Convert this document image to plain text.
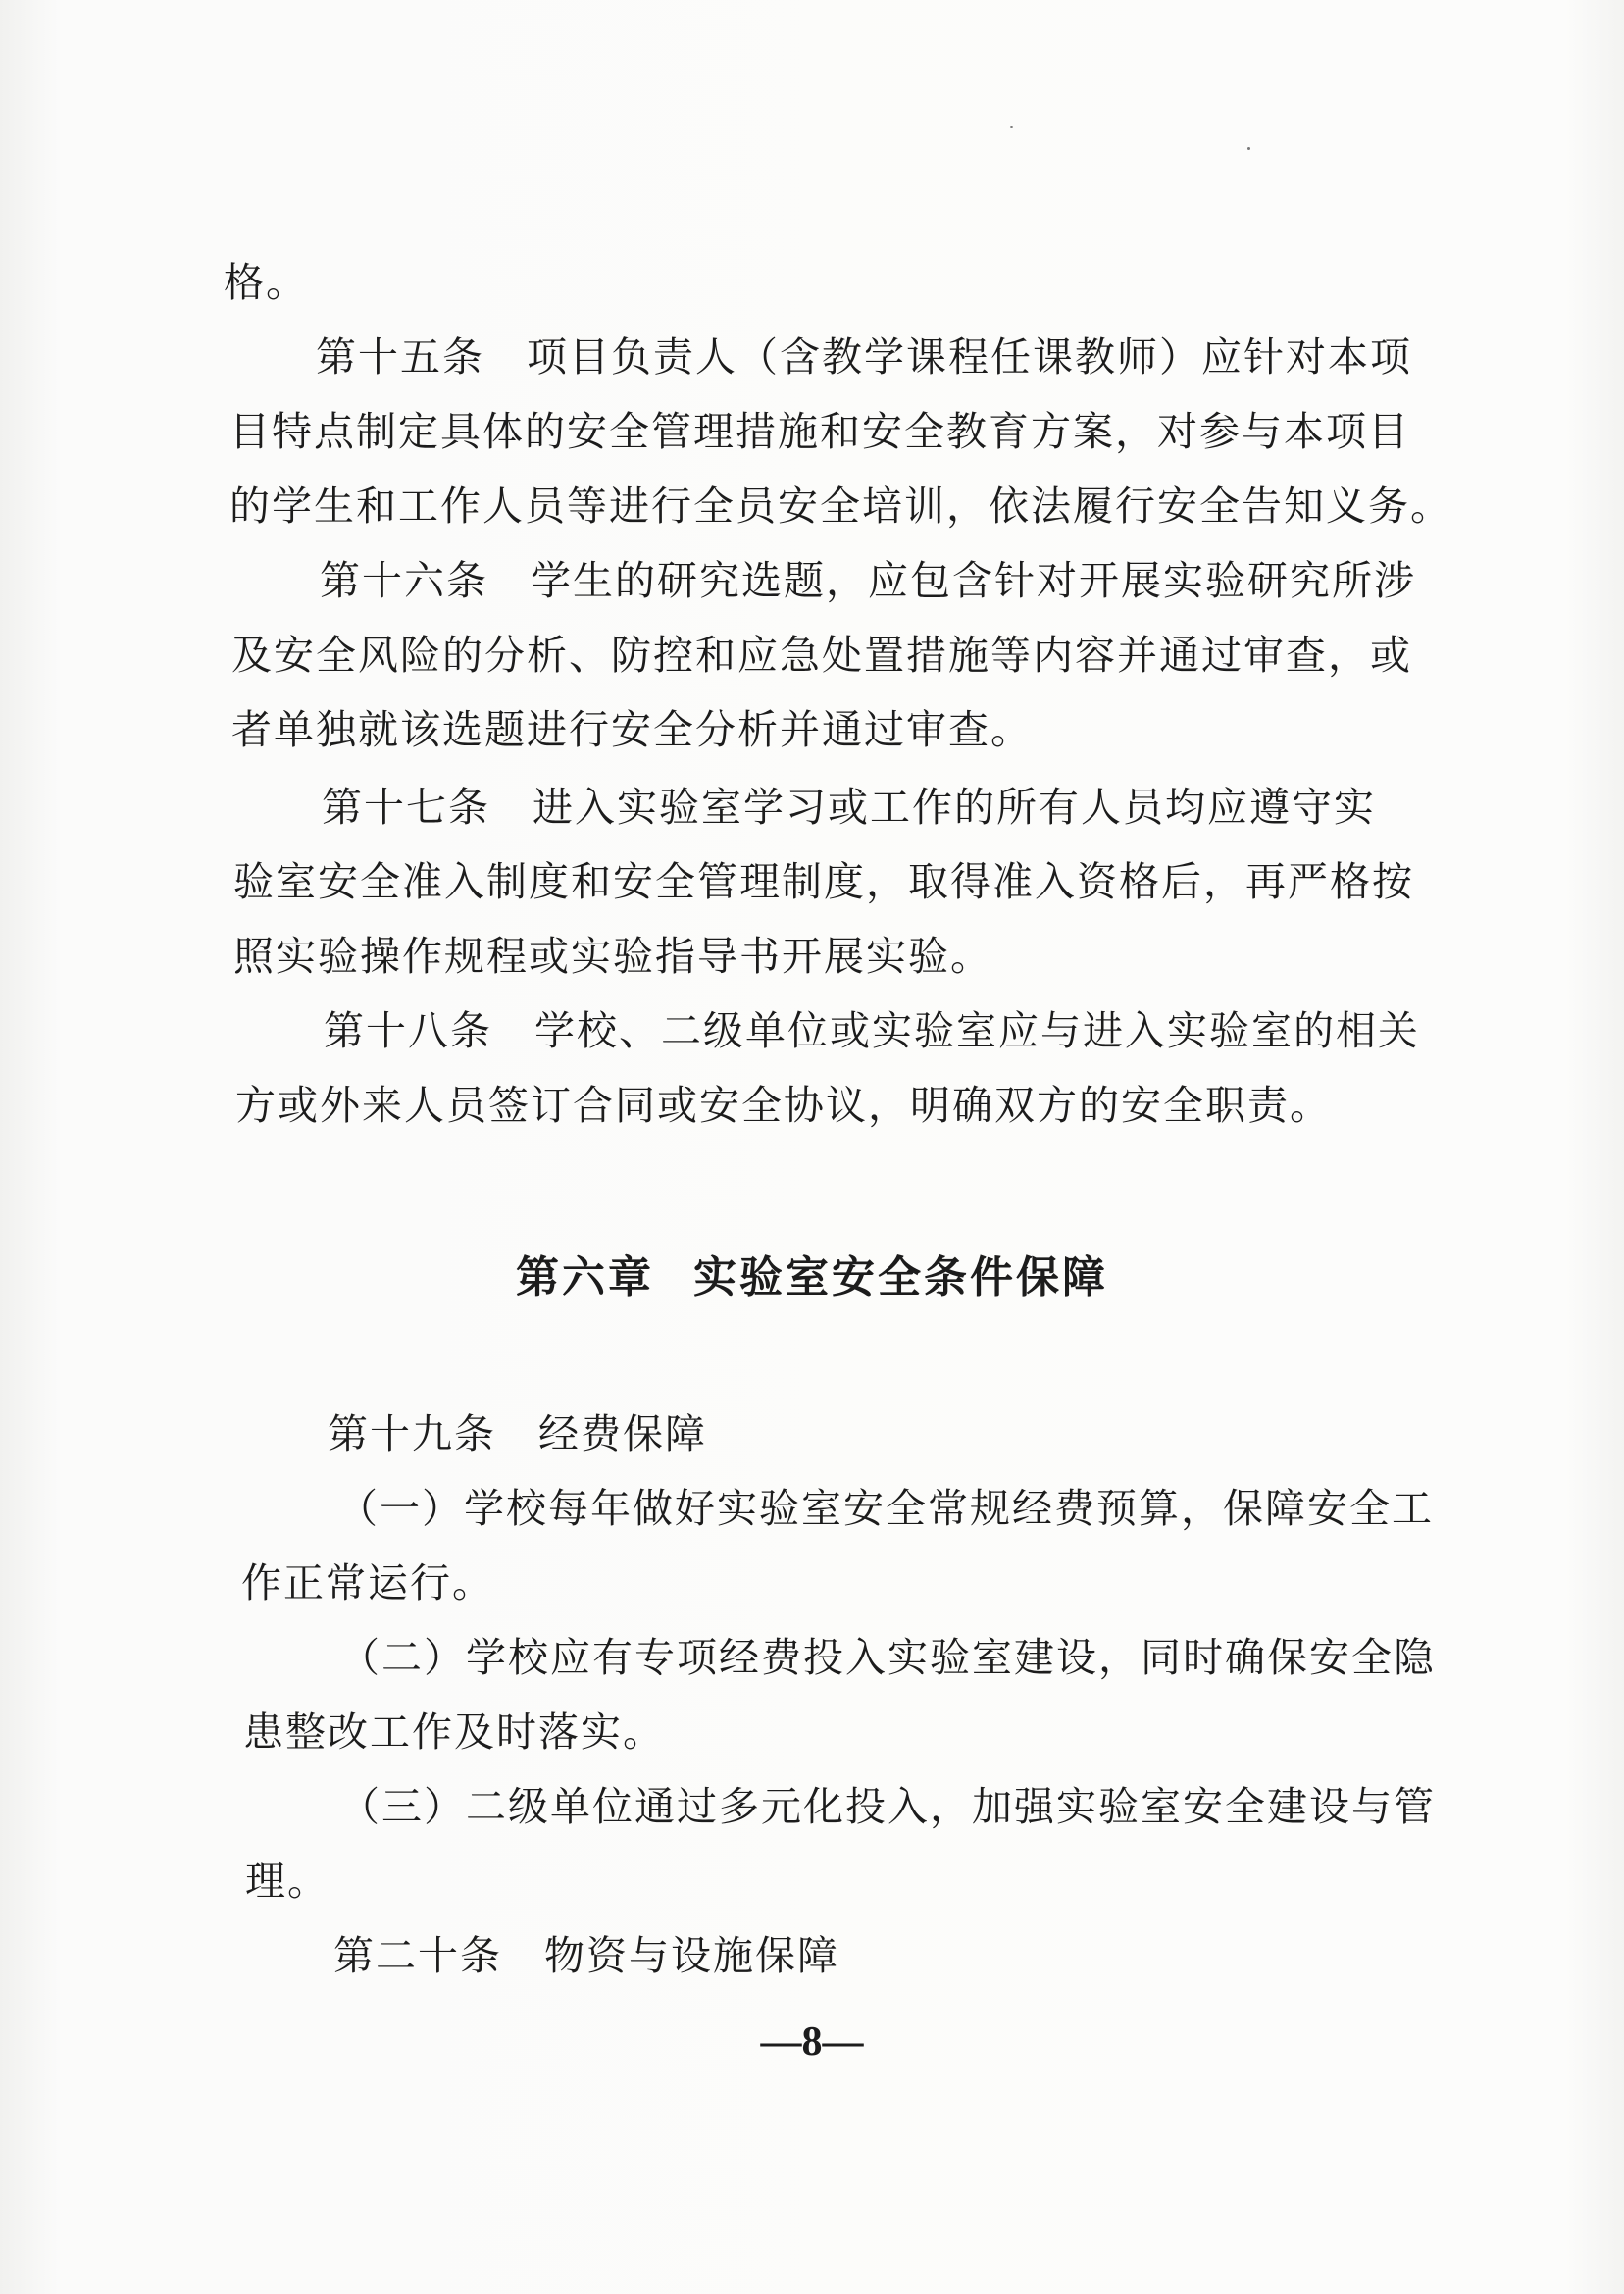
格。
第十五条　项目负责人（含教学课程任课教师）应针对本项
目特点制定具体的安全管理措施和安全教育方案，对参与本项目
的学生和工作人员等进行全员安全培训，依法履行安全告知义务。
第十六条　学生的研究选题，应包含针对开展实验研究所涉
及安全风险的分析、防控和应急处置措施等内容并通过审查，或
者单独就该选题进行安全分析并通过审查。
第十七条　进入实验室学习或工作的所有人员均应遵守实
验室安全准入制度和安全管理制度，取得准入资格后，再严格按
照实验操作规程或实验指导书开展实验。
第十八条　学校、二级单位或实验室应与进入实验室的相关
方或外来人员签订合同或安全协议，明确双方的安全职责。
第六章 实验室安全条件保障
第十九条　经费保障
（一）学校每年做好实验室安全常规经费预算，保障安全工
作正常运行。
（二）学校应有专项经费投入实验室建设，同时确保安全隐
患整改工作及时落实。
（三）二级单位通过多元化投入，加强实验室安全建设与管
理。
第二十条　物资与设施保障
—8—
